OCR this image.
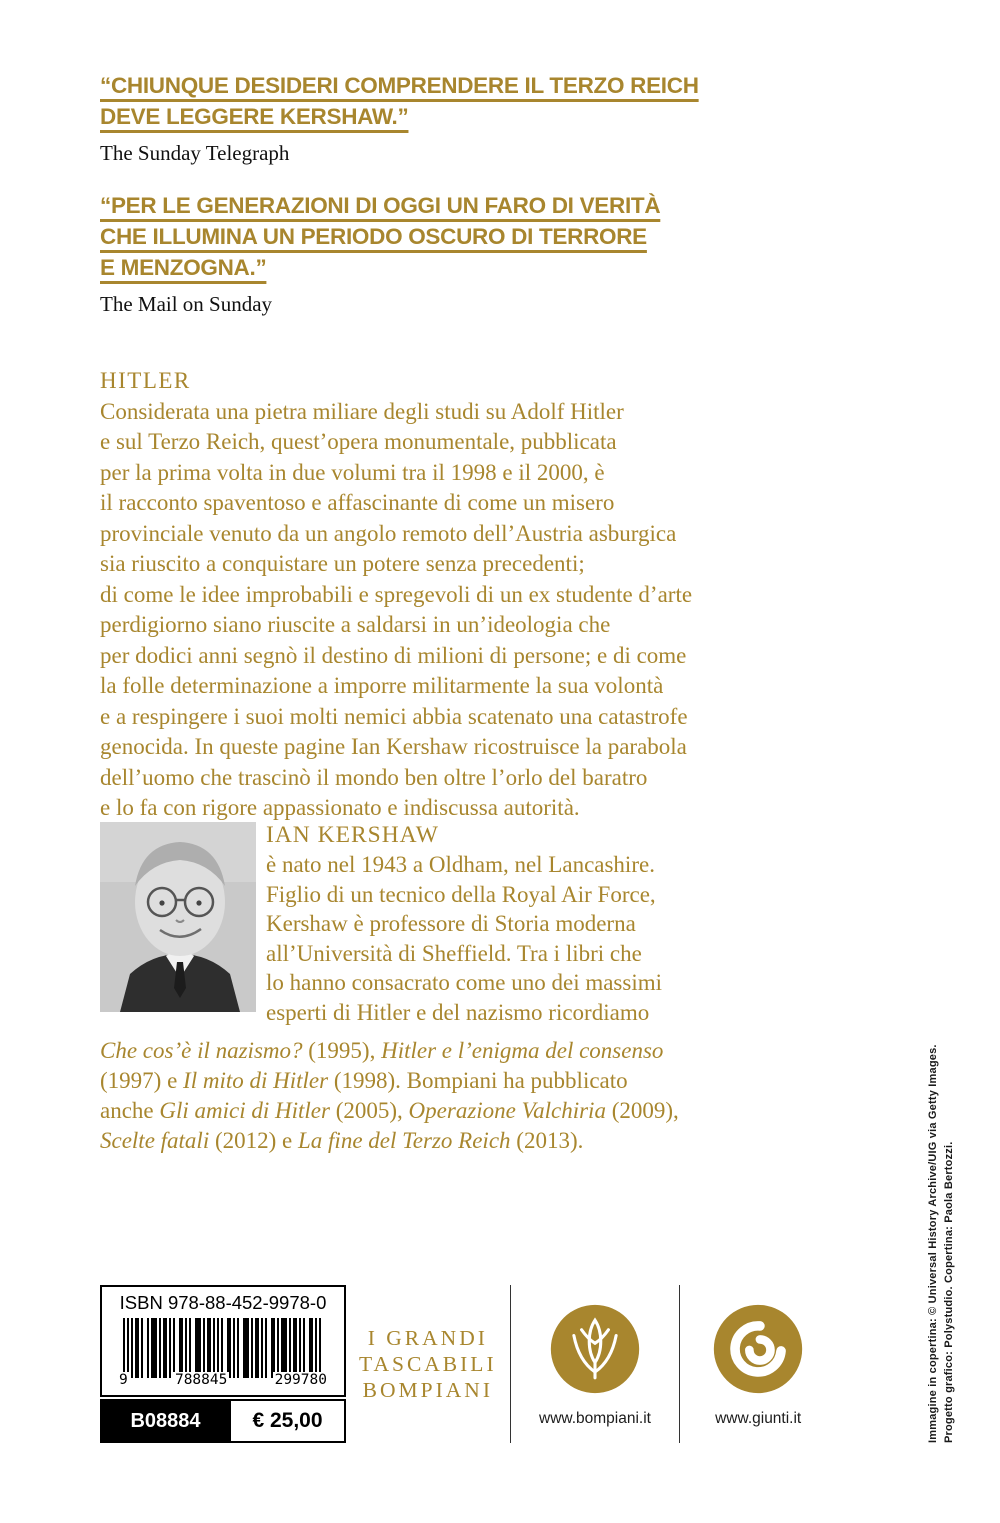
“CHIUNQUE DESIDERI COMPRENDERE IL TERZO REICH
DEVE LEGGERE KERSHAW.”
The Sunday Telegraph
“PER LE GENERAZIONI DI OGGI UN FARO DI VERITÀ
CHE ILLUMINA UN PERIODO OSCURO DI TERRORE
E MENZOGNA.”
The Mail on Sunday
HITLER
Considerata una pietra miliare degli studi su Adolf Hitler
e sul Terzo Reich, quest’opera monumentale, pubblicata
per la prima volta in due volumi tra il 1998 e il 2000, è
il racconto spaventoso e affascinante di come un misero
provinciale venuto da un angolo remoto dell’Austria asburgica
sia riuscito a conquistare un potere senza precedenti;
di come le idee improbabili e spregevoli di un ex studente d’arte
perdigiorno siano riuscite a saldarsi in un’ideologia che
per dodici anni segnò il destino di milioni di persone; e di come
la folle determinazione a imporre militarmente la sua volontà
e a respingere i suoi molti nemici abbia scatenato una catastrofe
genocida. In queste pagine Ian Kershaw ricostruisce la parabola
dell’uomo che trascinò il mondo ben oltre l’orlo del baratro
e lo fa con rigore appassionato e indiscussa autorità.
IAN KERSHAW
è nato nel 1943 a Oldham, nel Lancashire.
Figlio di un tecnico della Royal Air Force,
Kershaw è professore di Storia moderna
all’Università di Sheffield. Tra i libri che
lo hanno consacrato come uno dei massimi
esperti di Hitler e del nazismo ricordiamo
Che cos’è il nazismo? (1995), Hitler e l’enigma del consenso
(1997) e Il mito di Hitler (1998). Bompiani ha pubblicato
anche Gli amici di Hitler (2005), Operazione Valchiria (2009),
Scelte fatali (2012) e La fine del Terzo Reich (2013).
ISBN 978-88-452-9978-0
9	788845	299780
B08884	€ 25,00
I GRANDI
TASCABILI
BOMPIANI
www.bompiani.it	www.giunti.it	Immagine in copertina: © Universal History Archive/UIG via Getty Images. Progetto grafico: Polystudio. Copertina: Paola Bertozzi.
